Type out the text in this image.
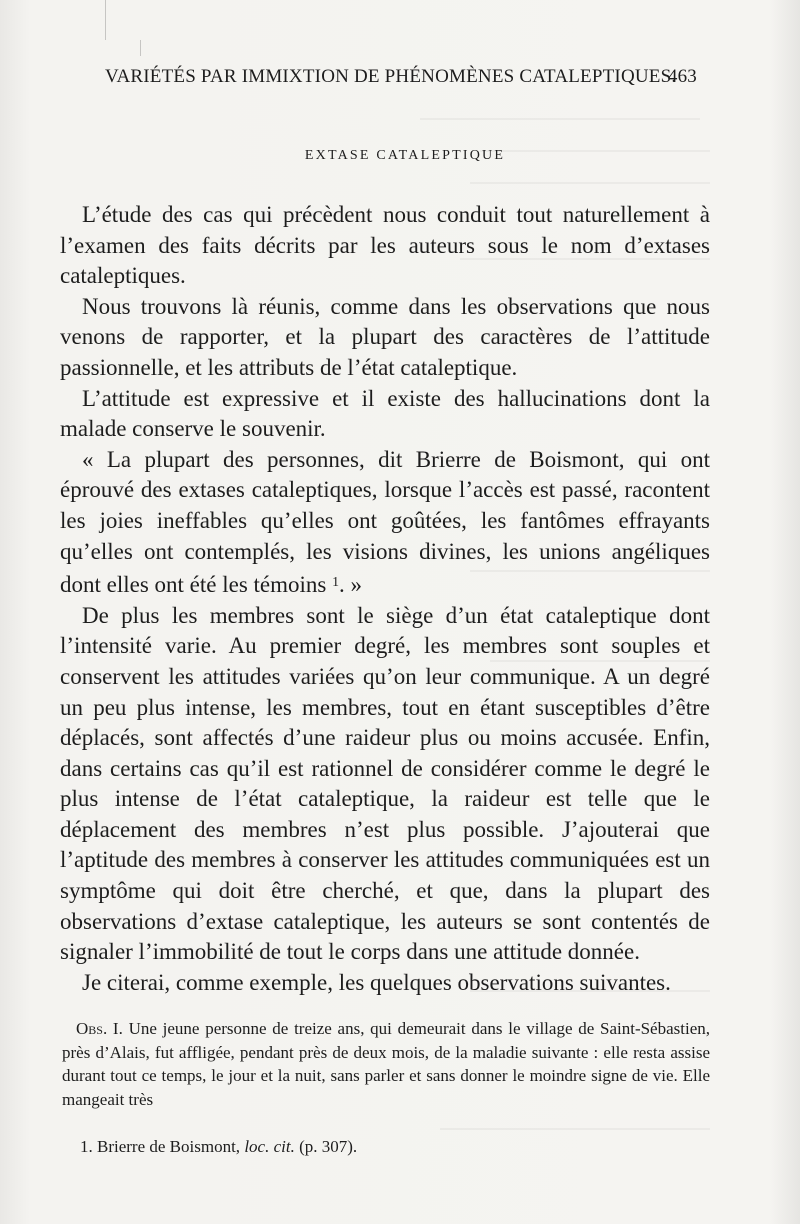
VARIÉTÉS PAR IMMIXTION DE PHÉNOMÈNES CATALEPTIQUES.
463
EXTASE CATALEPTIQUE

L’étude des cas qui précèdent nous conduit tout naturellement à l’examen des faits décrits par les auteurs sous le nom d’extases cataleptiques.

Nous trouvons là réunis, comme dans les observations que nous venons de rapporter, et la plupart des caractères de l’attitude passionnelle, et les attributs de l’état cataleptique.

L’attitude est expressive et il existe des hallucinations dont la malade conserve le souvenir.

« La plupart des personnes, dit Brierre de Boismont, qui ont éprouvé des extases cataleptiques, lorsque l’accès est passé, racontent les joies ineffables qu’elles ont goûtées, les fantômes effrayants qu’elles ont contemplés, les visions divines, les unions angéliques dont elles ont été les témoins $^1$. »

De plus les membres sont le siège d’un état cataleptique dont l’intensité varie. Au premier degré, les membres sont souples et conservent les attitudes variées qu’on leur communique. A un degré un peu plus intense, les membres, tout en étant susceptibles d’être déplacés, sont affectés d’une raideur plus ou moins accusée. Enfin, dans certains cas qu’il est rationnel de considérer comme le degré le plus intense de l’état cataleptique, la raideur est telle que le déplacement des membres n’est plus possible. J’ajouterai que l’aptitude des membres à conserver les attitudes communiquées est un symptôme qui doit être cherché, et que, dans la plupart des observations d’extase cataleptique, les auteurs se sont contentés de signaler l’immobilité de tout le corps dans une attitude donnée.

Je citerai, comme exemple, les quelques observations suivantes.

Obs. I. Une jeune personne de treize ans, qui demeurait dans le village de Saint-Sébastien, près d’Alais, fut affligée, pendant près de deux mois, de la maladie suivante : elle resta assise durant tout ce temps, le jour et la nuit, sans parler et sans donner le moindre signe de vie. Elle mangeait très

1. Brierre de Boismont, loc. cit. (p. 307).
